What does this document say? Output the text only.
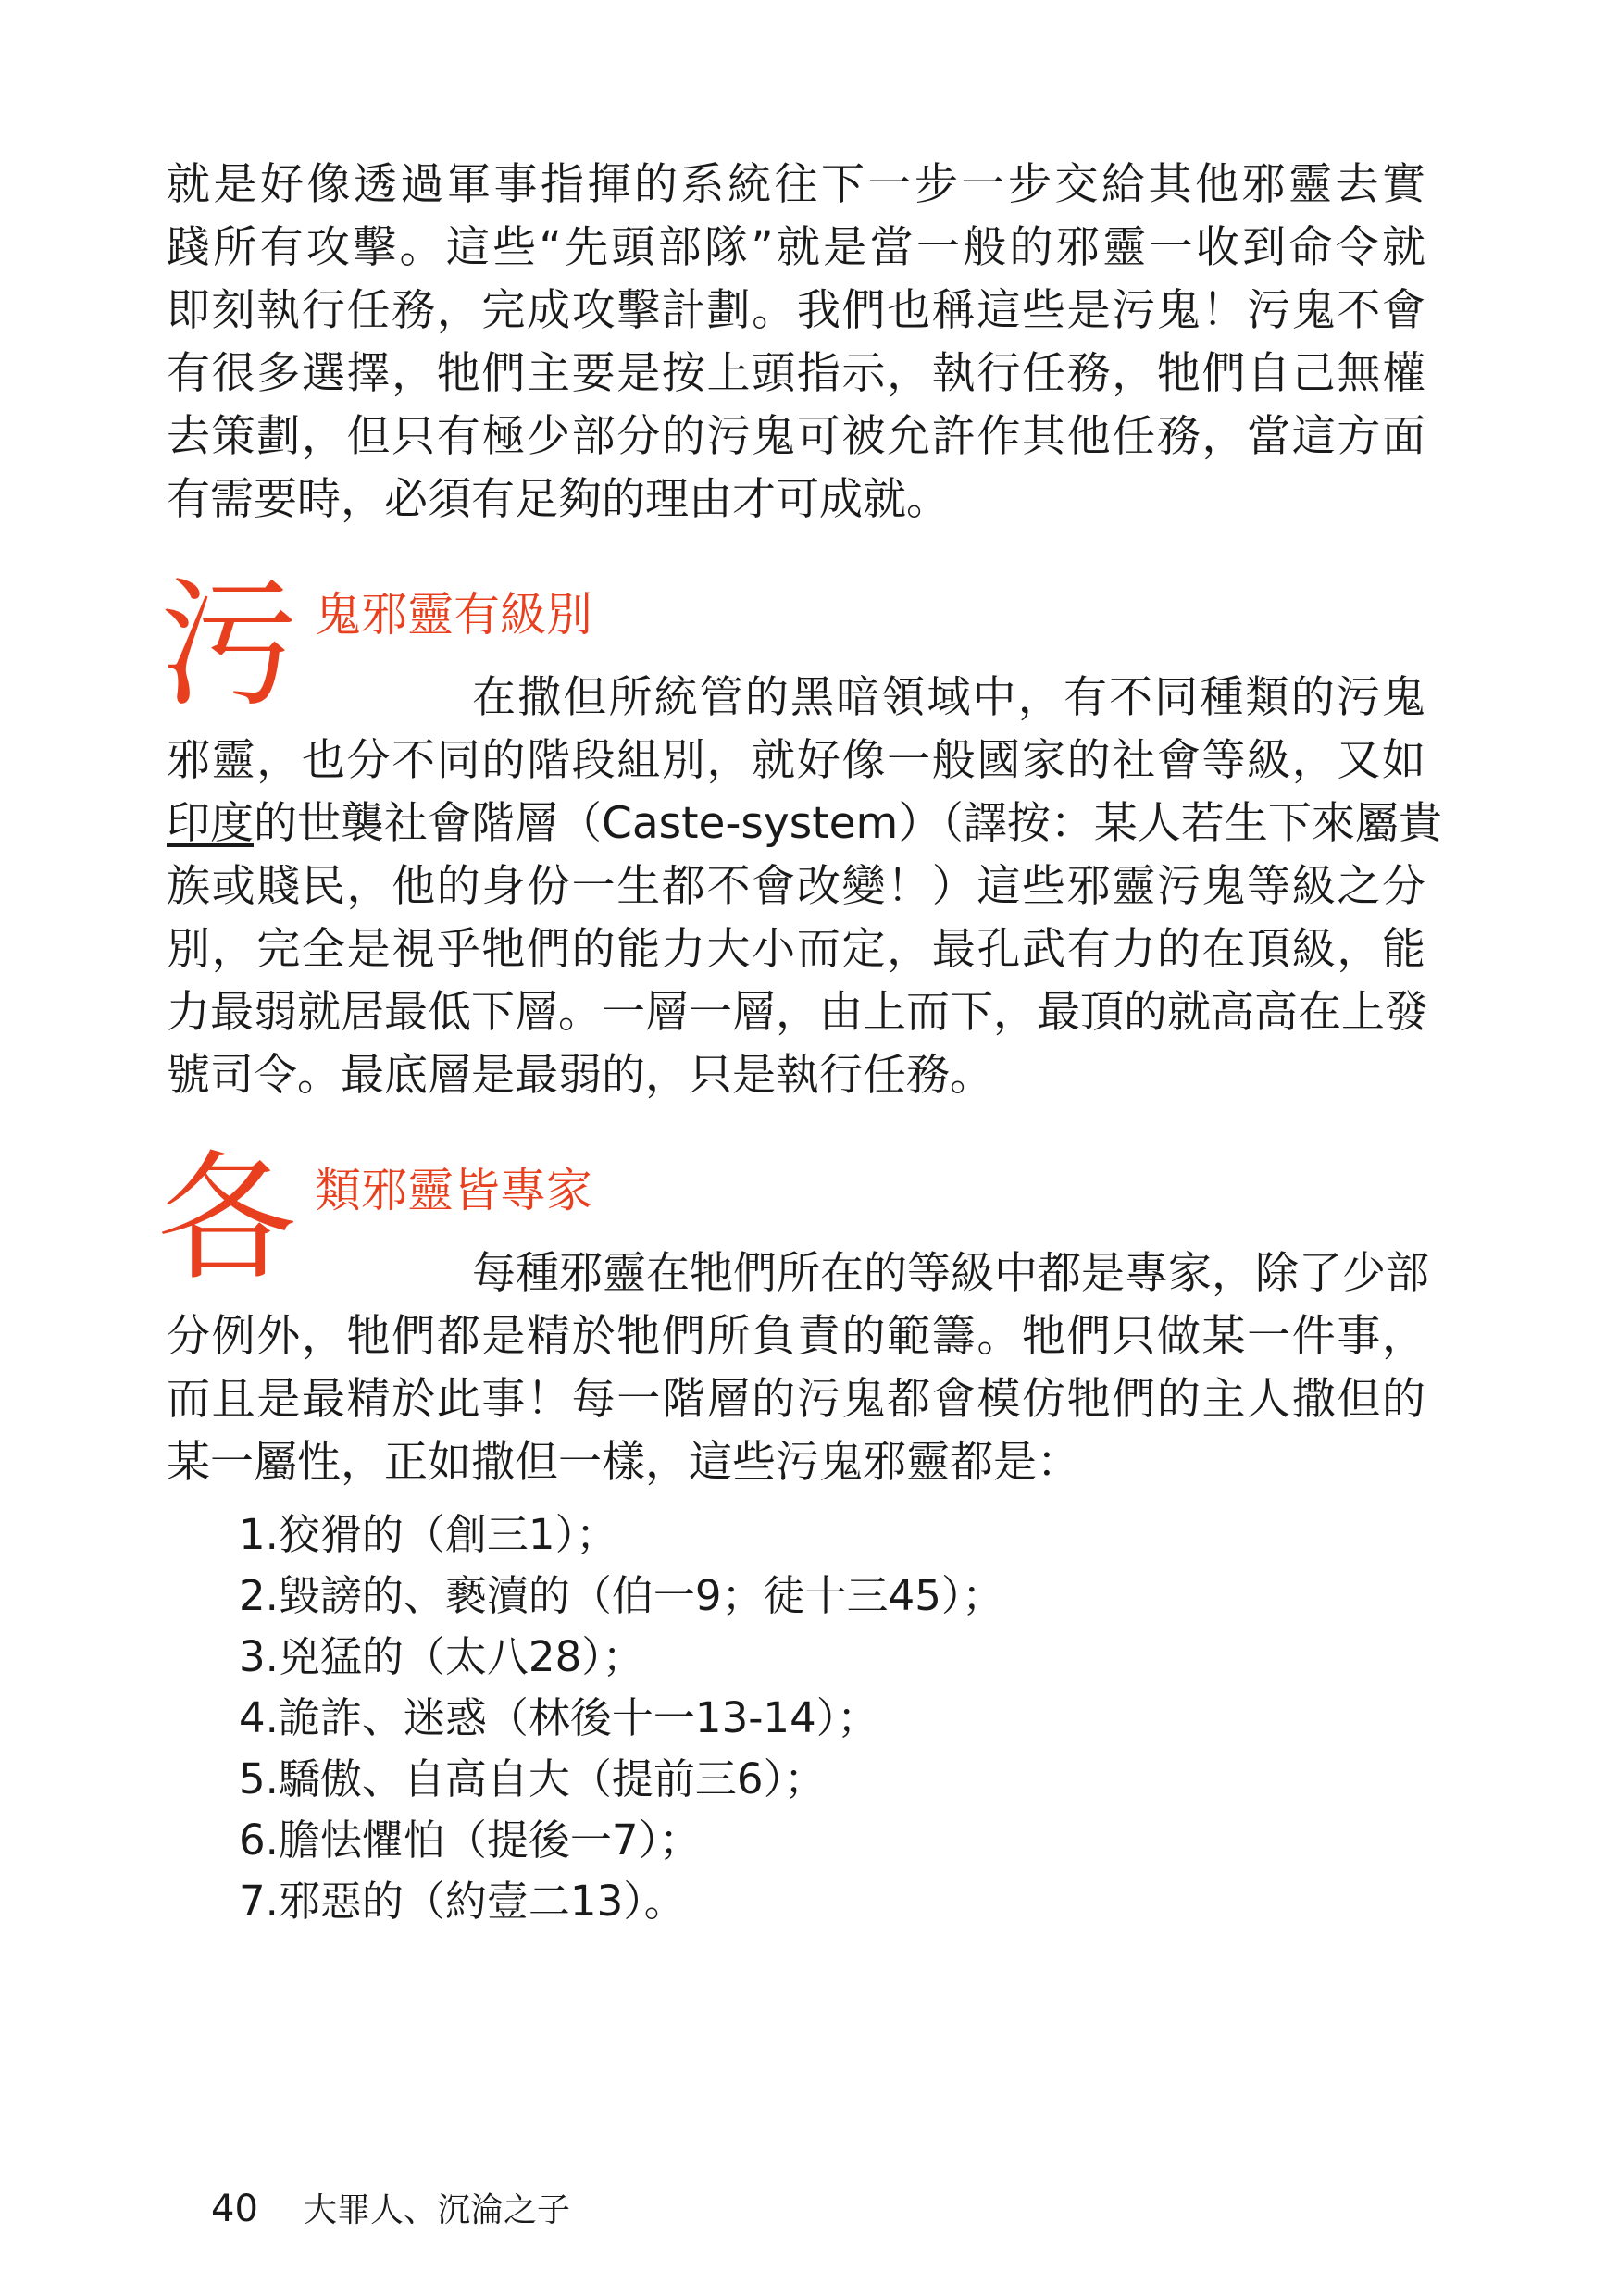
就是好像透過軍事指揮的系統往下一步一步交給其他邪靈去實
踐所有攻擊。這些“先頭部隊”就是當一般的邪靈一收到命令就
即刻執行任務，完成攻擊計劃。我們也稱這些是污鬼！污鬼不會
有很多選擇，牠們主要是按上頭指示，執行任務，牠們自己無權
去策劃，但只有極少部分的污鬼可被允許作其他任務，當這方面
有需要時，必須有足夠的理由才可成就。
污 鬼邪靈有級別
在撒但所統管的黑暗領域中，有不同種類的污鬼
邪靈，也分不同的階段組別，就好像一般國家的社會等級，又如
印度的世襲社會階層（Caste-system）（譯按：某人若生下來屬貴
族或賤民，他的身份一生都不會改變！）這些邪靈污鬼等級之分
別，完全是視乎牠們的能力大小而定，最孔武有力的在頂級，能
力最弱就居最低下層。一層一層，由上而下，最頂的就高高在上發
號司令。最底層是最弱的，只是執行任務。
各 類邪靈皆專家
每種邪靈在牠們所在的等級中都是專家，除了少部
分例外，牠們都是精於牠們所負責的範籌。牠們只做某一件事，
而且是最精於此事！每一階層的污鬼都會模仿牠們的主人撒但的
某一屬性，正如撒但一樣，這些污鬼邪靈都是：
1.狡猾的（創三1）；
2.毀謗的、褻瀆的（伯一9；徒十三45）；
3.兇猛的（太八28）；
4.詭詐、迷惑（林後十一13-14）；
5.驕傲、自高自大（提前三6）；
6.膽怯懼怕（提後一7）；
7.邪惡的（約壹二13）。
40 大罪人、沉淪之子
